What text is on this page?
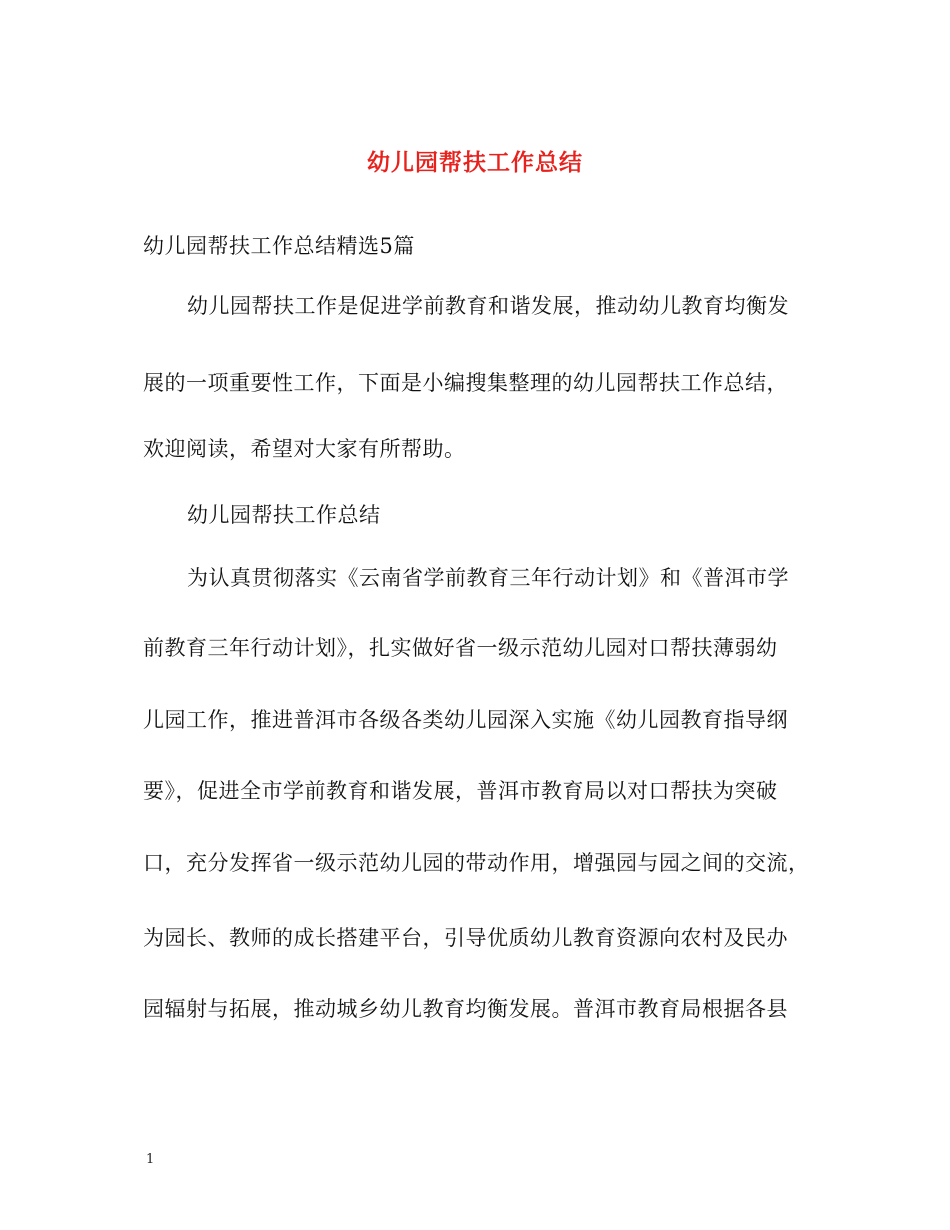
幼儿园帮扶工作总结
幼儿园帮扶工作总结精选5篇
幼儿园帮扶工作是促进学前教育和谐发展，推动幼儿教育均衡发
展的一项重要性工作，下面是小编搜集整理的幼儿园帮扶工作总结，
欢迎阅读，希望对大家有所帮助。
幼儿园帮扶工作总结
为认真贯彻落实《云南省学前教育三年行动计划》和《普洱市学
前教育三年行动计划》，扎实做好省一级示范幼儿园对口帮扶薄弱幼
儿园工作，推进普洱市各级各类幼儿园深入实施《幼儿园教育指导纲
要》，促进全市学前教育和谐发展，普洱市教育局以对口帮扶为突破
口，充分发挥省一级示范幼儿园的带动作用，增强园与园之间的交流，
为园长、教师的成长搭建平台，引导优质幼儿教育资源向农村及民办
园辐射与拓展，推动城乡幼儿教育均衡发展。普洱市教育局根据各县
1
